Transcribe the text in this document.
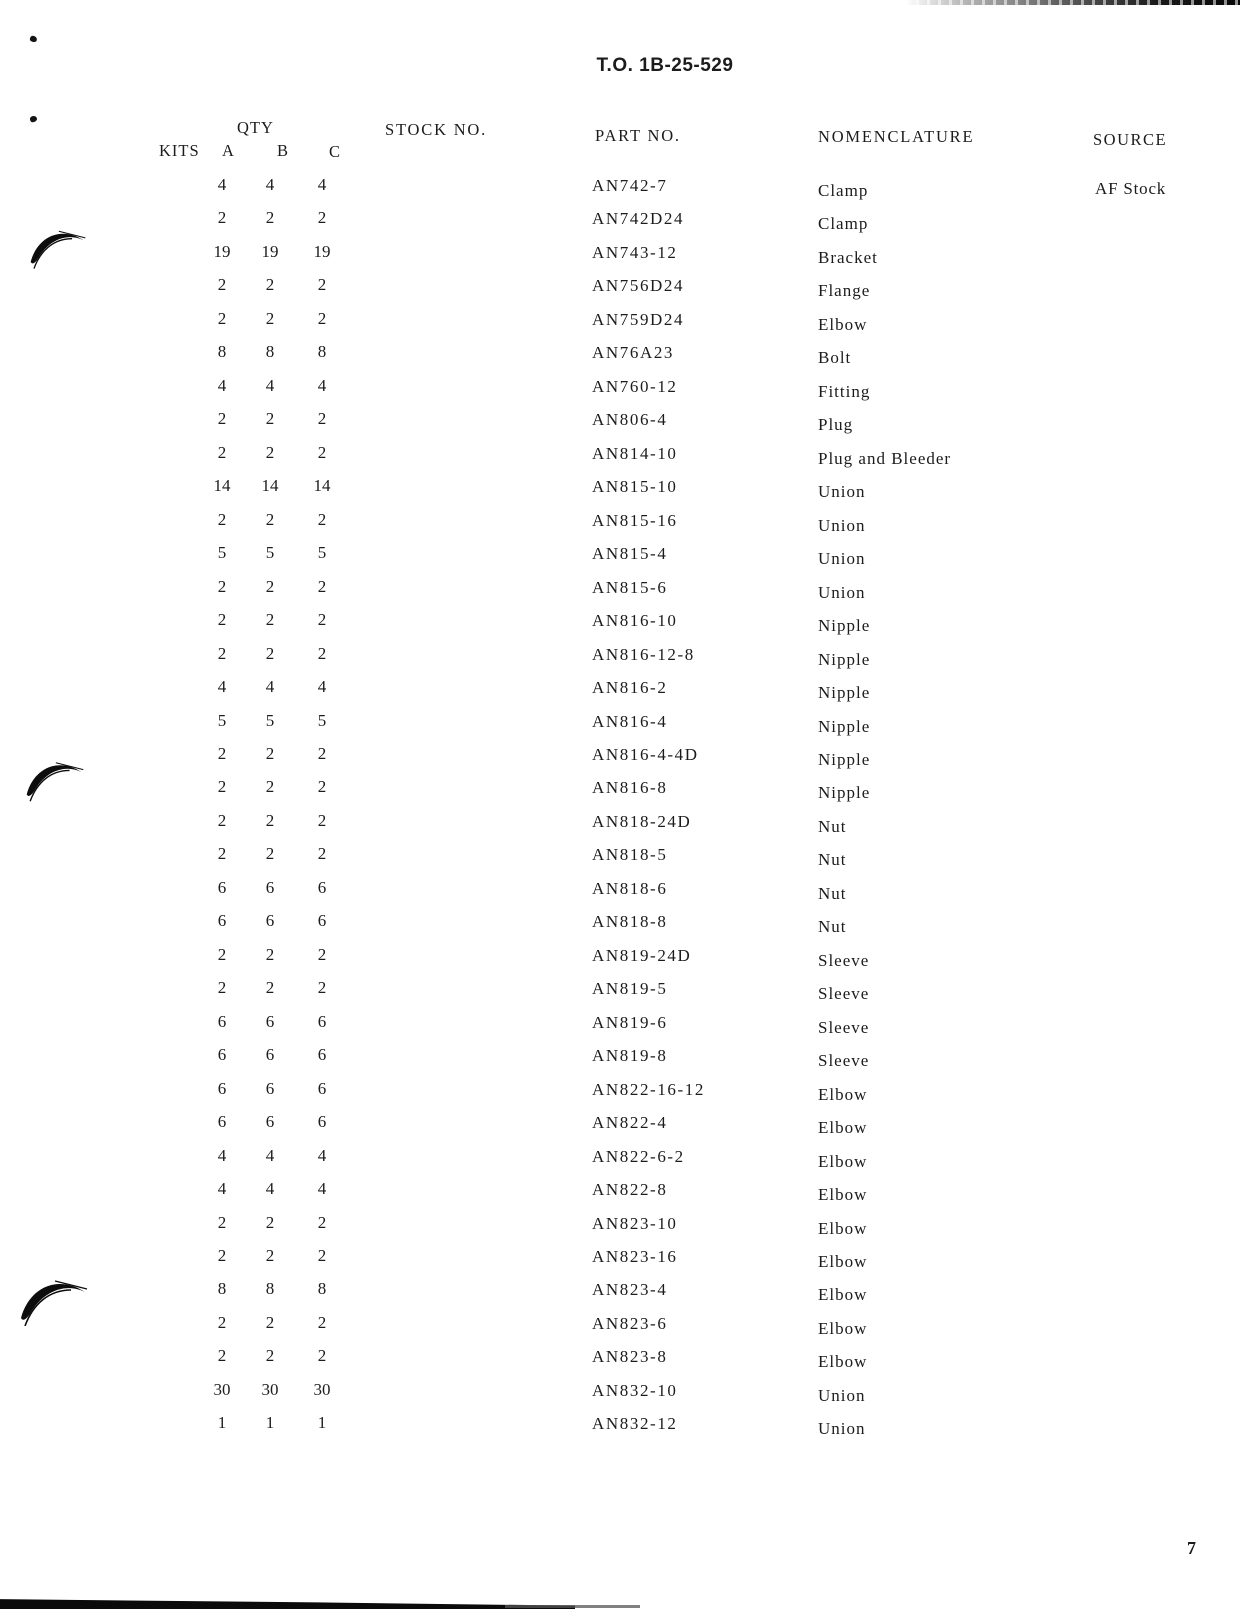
T.O. 1B-25-529
QTY
KITS A	B C
STOCK NO.	PART NO.	NOMENCLATURE	SOURCE
4	4	4	AN742-7	Clamp	AF Stock
2	2	2	AN742D24	Clamp
19	19	19	AN743-12	Bracket
2	2	2	AN756D24	Flange
2	2	2	AN759D24	Elbow
8	8	8	AN76A23	Bolt
4	4	4	AN760-12	Fitting
2	2	2	AN806-4	Plug
2	2	2	AN814-10	Plug and Bleeder
14	14	14	AN815-10	Union
2	2	2	AN815-16	Union
5	5	5	AN815-4	Union
2	2	2	AN815-6	Union
2	2	2	AN816-10	Nipple
2	2	2	AN816-12-8	Nipple
4	4	4	AN816-2	Nipple
5	5	5	AN816-4	Nipple
2	2	2	AN816-4-4D	Nipple
2	2	2	AN816-8	Nipple
2	2	2	AN818-24D	Nut
2	2	2	AN818-5	Nut
6	6	6	AN818-6	Nut
6	6	6	AN818-8	Nut
2	2	2	AN819-24D	Sleeve
2	2	2	AN819-5	Sleeve
6	6	6	AN819-6	Sleeve
6	6	6	AN819-8	Sleeve
6	6	6	AN822-16-12	Elbow
6	6	6	AN822-4	Elbow
4	4	4	AN822-6-2	Elbow
4	4	4	AN822-8	Elbow
2	2	2	AN823-10	Elbow
2	2	2	AN823-16	Elbow
8	8	8	AN823-4	Elbow
2	2	2	AN823-6	Elbow
2	2	2	AN823-8	Elbow
30	30	30	AN832-10	Union
1	1	1	AN832-12	Union
7
